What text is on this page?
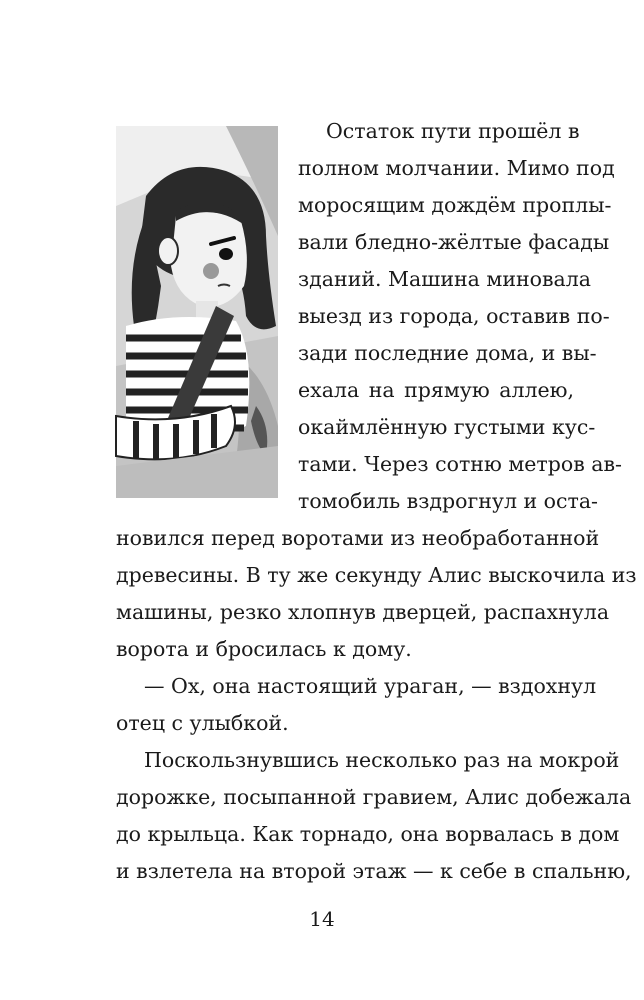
Остаток пути прошёл в
полном молчании. Мимо под
моросящим дождём проплы-
вали бледно-жёлтые фасады
зданий. Машина миновала
выезд из города, оставив по-
зади последние дома, и вы-
ехала на прямую аллею,
окаймлённую густыми кус-
тами. Через сотню метров ав-
томобиль вздрогнул и оста-
новился перед воротами из необработанной
древесины. В ту же секунду Алис выскочила из
машины, резко хлопнув дверцей, распахнула
ворота и бросилась к дому.
— Ох, она настоящий ураган, — вздохнул
отец с улыбкой.
Поскользнувшись несколько раз на мокрой
дорожке, посыпанной гравием, Алис добежала
до крыльца. Как торнадо, она ворвалась в дом
и взлетела на второй этаж — к себе в спальню,
14
